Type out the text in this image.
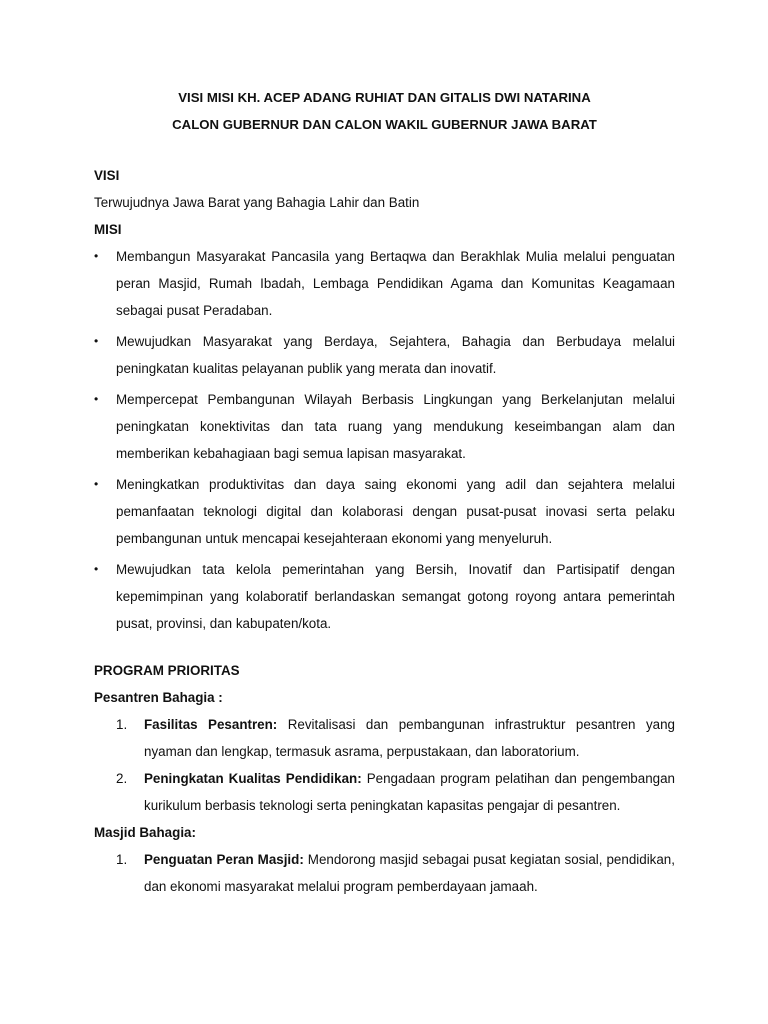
VISI MISI KH. ACEP ADANG RUHIAT DAN GITALIS DWI NATARINA

CALON GUBERNUR DAN CALON WAKIL GUBERNUR JAWA BARAT

VISI

Terwujudnya Jawa Barat yang Bahagia Lahir dan Batin

MISI

•	Membangun Masyarakat Pancasila yang Bertaqwa dan Berakhlak Mulia melalui penguatan peran Masjid, Rumah Ibadah, Lembaga Pendidikan Agama dan Komunitas Keagamaan sebagai pusat Peradaban.
•	Mewujudkan Masyarakat yang Berdaya, Sejahtera, Bahagia dan Berbudaya melalui peningkatan kualitas pelayanan publik yang merata dan inovatif.
•	Mempercepat Pembangunan Wilayah Berbasis Lingkungan yang Berkelanjutan melalui peningkatan konektivitas dan tata ruang yang mendukung keseimbangan alam dan memberikan kebahagiaan bagi semua lapisan masyarakat.
•	Meningkatkan produktivitas dan daya saing ekonomi yang adil dan sejahtera melalui pemanfaatan teknologi digital dan kolaborasi dengan pusat-pusat inovasi serta pelaku pembangunan untuk mencapai kesejahteraan ekonomi yang menyeluruh.
•	Mewujudkan tata kelola pemerintahan yang Bersih, Inovatif dan Partisipatif dengan kepemimpinan yang kolaboratif berlandaskan semangat gotong royong antara pemerintah pusat, provinsi, dan kabupaten/kota.

PROGRAM PRIORITAS

Pesantren Bahagia :

1. Fasilitas Pesantren: Revitalisasi dan pembangunan infrastruktur pesantren yang nyaman dan lengkap, termasuk asrama, perpustakaan, dan laboratorium.
2. Peningkatan Kualitas Pendidikan: Pengadaan program pelatihan dan pengembangan kurikulum berbasis teknologi serta peningkatan kapasitas pengajar di pesantren.

Masjid Bahagia:

1. Penguatan Peran Masjid: Mendorong masjid sebagai pusat kegiatan sosial, pendidikan, dan ekonomi masyarakat melalui program pemberdayaan jamaah.
